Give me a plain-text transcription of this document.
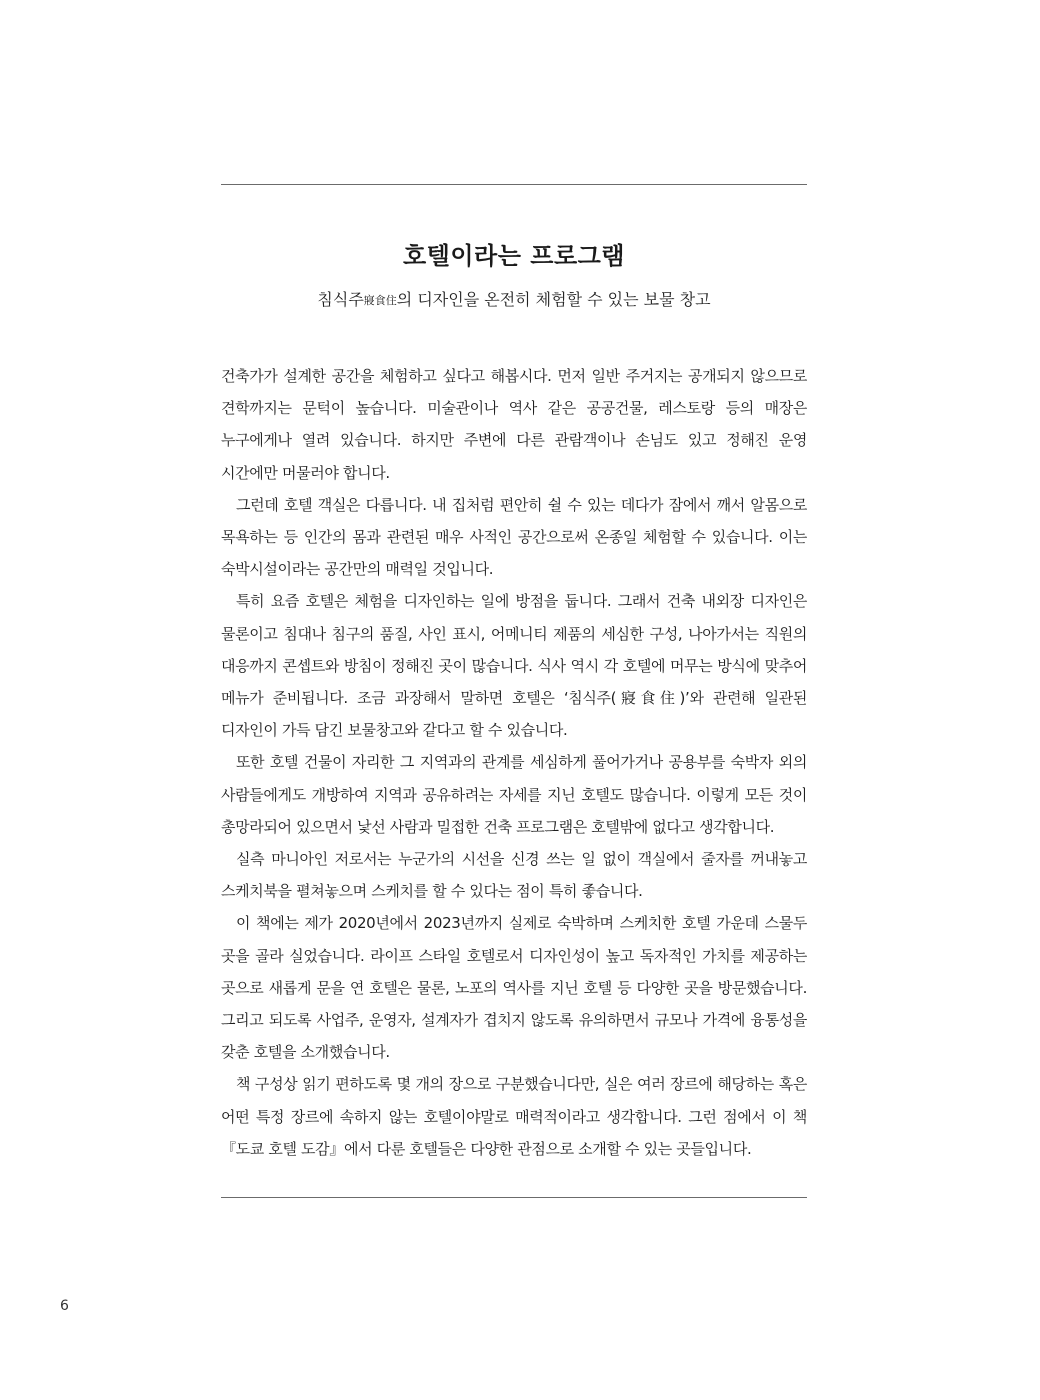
호텔이라는 프로그램
침식주寢食住의 디자인을 온전히 체험할 수 있는 보물 창고

건축가가 설계한 공간을 체험하고 싶다고 해봅시다. 먼저 일반 주거지는 공개되지 않으므로 견학까지는 문턱이 높습니다. 미술관이나 역사 같은 공공건물, 레스토랑 등의 매장은 누구에게나 열려 있습니다. 하지만 주변에 다른 관람객이나 손님도 있고 정해진 운영 시간에만 머물러야 합니다.

그런데 호텔 객실은 다릅니다. 내 집처럼 편안히 쉴 수 있는 데다가 잠에서 깨서 알몸으로 목욕하는 등 인간의 몸과 관련된 매우 사적인 공간으로써 온종일 체험할 수 있습니다. 이는 숙박시설이라는 공간만의 매력일 것입니다.

특히 요즘 호텔은 체험을 디자인하는 일에 방점을 둡니다. 그래서 건축 내외장 디자인은 물론이고 침대나 침구의 품질, 사인 표시, 어메니티 제품의 세심한 구성, 나아가서는 직원의 대응까지 콘셉트와 방침이 정해진 곳이 많습니다. 식사 역시 각 호텔에 머무는 방식에 맞추어 메뉴가 준비됩니다. 조금 과장해서 말하면 호텔은 ‘침식주(寢食住)’와 관련해 일관된 디자인이 가득 담긴 보물창고와 같다고 할 수 있습니다.

또한 호텔 건물이 자리한 그 지역과의 관계를 세심하게 풀어가거나 공용부를 숙박자 외의 사람들에게도 개방하여 지역과 공유하려는 자세를 지닌 호텔도 많습니다. 이렇게 모든 것이 총망라되어 있으면서 낯선 사람과 밀접한 건축 프로그램은 호텔밖에 없다고 생각합니다.

실측 마니아인 저로서는 누군가의 시선을 신경 쓰는 일 없이 객실에서 줄자를 꺼내놓고 스케치북을 펼쳐놓으며 스케치를 할 수 있다는 점이 특히 좋습니다.

이 책에는 제가 2020년에서 2023년까지 실제로 숙박하며 스케치한 호텔 가운데 스물두 곳을 골라 실었습니다. 라이프 스타일 호텔로서 디자인성이 높고 독자적인 가치를 제공하는 곳으로 새롭게 문을 연 호텔은 물론, 노포의 역사를 지닌 호텔 등 다양한 곳을 방문했습니다. 그리고 되도록 사업주, 운영자, 설계자가 겹치지 않도록 유의하면서 규모나 가격에 융통성을 갖춘 호텔을 소개했습니다.

책 구성상 읽기 편하도록 몇 개의 장으로 구분했습니다만, 실은 여러 장르에 해당하는 혹은 어떤 특정 장르에 속하지 않는 호텔이야말로 매력적이라고 생각합니다. 그런 점에서 이 책 『도쿄 호텔 도감』에서 다룬 호텔들은 다양한 관점으로 소개할 수 있는 곳들입니다.

6
